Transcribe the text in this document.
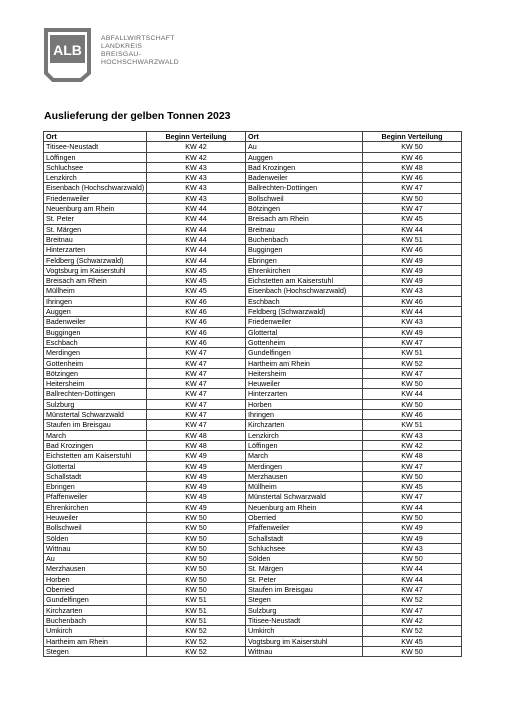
ALB
ABFALLWIRTSCHAFT
LANDKREIS
BREISGAU-
HOCHSCHWARZWALD
Auslieferung der gelben Tonnen 2023
Ort	Beginn Verteilung	Ort	Beginn Verteilung
Titisee-Neustadt	KW 42	Au	KW 50
Löffingen	KW 42	Auggen	KW 46
Schluchsee	KW 43	Bad Krozingen	KW 48
Lenzkirch	KW 43	Badenweiler	KW 46
Eisenbach (Hochschwarzwald)	KW 43	Ballrechten-Dottingen	KW 47
Friedenweiler	KW 43	Bollschweil	KW 50
Neuenburg am Rhein	KW 44	Bötzingen	KW 47
St. Peter	KW 44	Breisach am Rhein	KW 45
St. Märgen	KW 44	Breitnau	KW 44
Breitnau	KW 44	Buchenbach	KW 51
Hinterzarten	KW 44	Buggingen	KW 46
Feldberg (Schwarzwald)	KW 44	Ebringen	KW 49
Vogtsburg im Kaiserstuhl	KW 45	Ehrenkirchen	KW 49
Breisach am Rhein	KW 45	Eichstetten am Kaiserstuhl	KW 49
Müllheim	KW 45	Eisenbach (Hochschwarzwald)	KW 43
Ihringen	KW 46	Eschbach	KW 46
Auggen	KW 46	Feldberg (Schwarzwald)	KW 44
Badenweiler	KW 46	Friedenweiler	KW 43
Buggingen	KW 46	Glottertal	KW 49
Eschbach	KW 46	Gottenheim	KW 47
Merdingen	KW 47	Gundelfingen	KW 51
Gottenheim	KW 47	Hartheim am Rhein	KW 52
Bötzingen	KW 47	Heitersheim	KW 47
Heitersheim	KW 47	Heuweiler	KW 50
Ballrechten-Dottingen	KW 47	Hinterzarten	KW 44
Sulzburg	KW 47	Horben	KW 50
Münstertal Schwarzwald	KW 47	Ihringen	KW 46
Staufen im Breisgau	KW 47	Kirchzarten	KW 51
March	KW 48	Lenzkirch	KW 43
Bad Krozingen	KW 48	Löffingen	KW 42
Eichstetten am Kaiserstuhl	KW 49	March	KW 48
Glottertal	KW 49	Merdingen	KW 47
Schallstadt	KW 49	Merzhausen	KW 50
Ebringen	KW 49	Müllheim	KW 45
Pfaffenweiler	KW 49	Münstertal Schwarzwald	KW 47
Ehrenkirchen	KW 49	Neuenburg am Rhein	KW 44
Heuweiler	KW 50	Oberried	KW 50
Bollschweil	KW 50	Pfaffenweiler	KW 49
Sölden	KW 50	Schallstadt	KW 49
Wittnau	KW 50	Schluchsee	KW 43
Au	KW 50	Sölden	KW 50
Merzhausen	KW 50	St. Märgen	KW 44
Horben	KW 50	St. Peter	KW 44
Oberried	KW 50	Staufen im Breisgau	KW 47
Gundelfingen	KW 51	Stegen	KW 52
Kirchzarten	KW 51	Sulzburg	KW 47
Buchenbach	KW 51	Titisee-Neustadt	KW 42
Umkirch	KW 52	Umkirch	KW 52
Hartheim am Rhein	KW 52	Vogtsburg im Kaiserstuhl	KW 45
Stegen	KW 52	Wittnau	KW 50
